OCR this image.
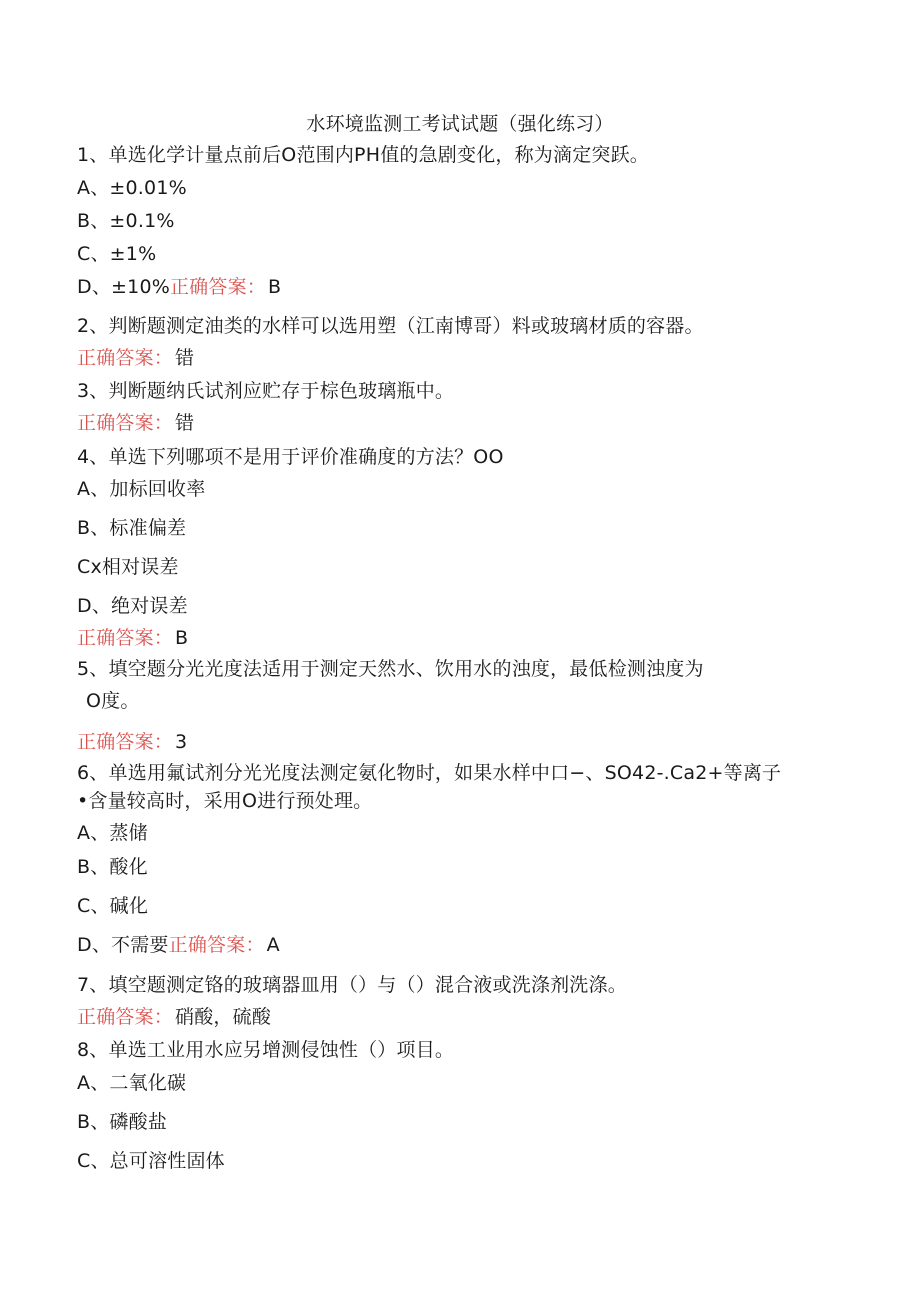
水环境监测工考试试题（强化练习）
1、单选化学计量点前后O范围内PH值的急剧变化，称为滴定突跃。
A、±0.01%
B、±0.1%
C、±1%
D、±10%正确答案： B
2、判断题测定油类的水样可以选用塑（江南博哥）料或玻璃材质的容器。
正确答案： 错
3、判断题纳氏试剂应贮存于棕色玻璃瓶中。
正确答案： 错
4、单选下列哪项不是用于评价准确度的方法？OO
A、加标回收率
B、标准偏差
Cx相对误差
D、绝对误差
正确答案： B
5、填空题分光光度法适用于测定天然水、饮用水的浊度，最低检测浊度为
O度。
正确答案： 3
6、单选用氟试剂分光光度法测定氨化物时，如果水样中口−、SO42-.Ca2+等离子
•含量较高时，采用O进行预处理。
A、蒸储
B、酸化
C、碱化
D、不需要正确答案： A
7、填空题测定铬的玻璃器皿用（）与（）混合液或洗涤剂洗涤。
正确答案： 硝酸，硫酸
8、单选工业用水应另增测侵蚀性（）项目。
A、二氧化碳
B、磷酸盐
C、总可溶性固体
